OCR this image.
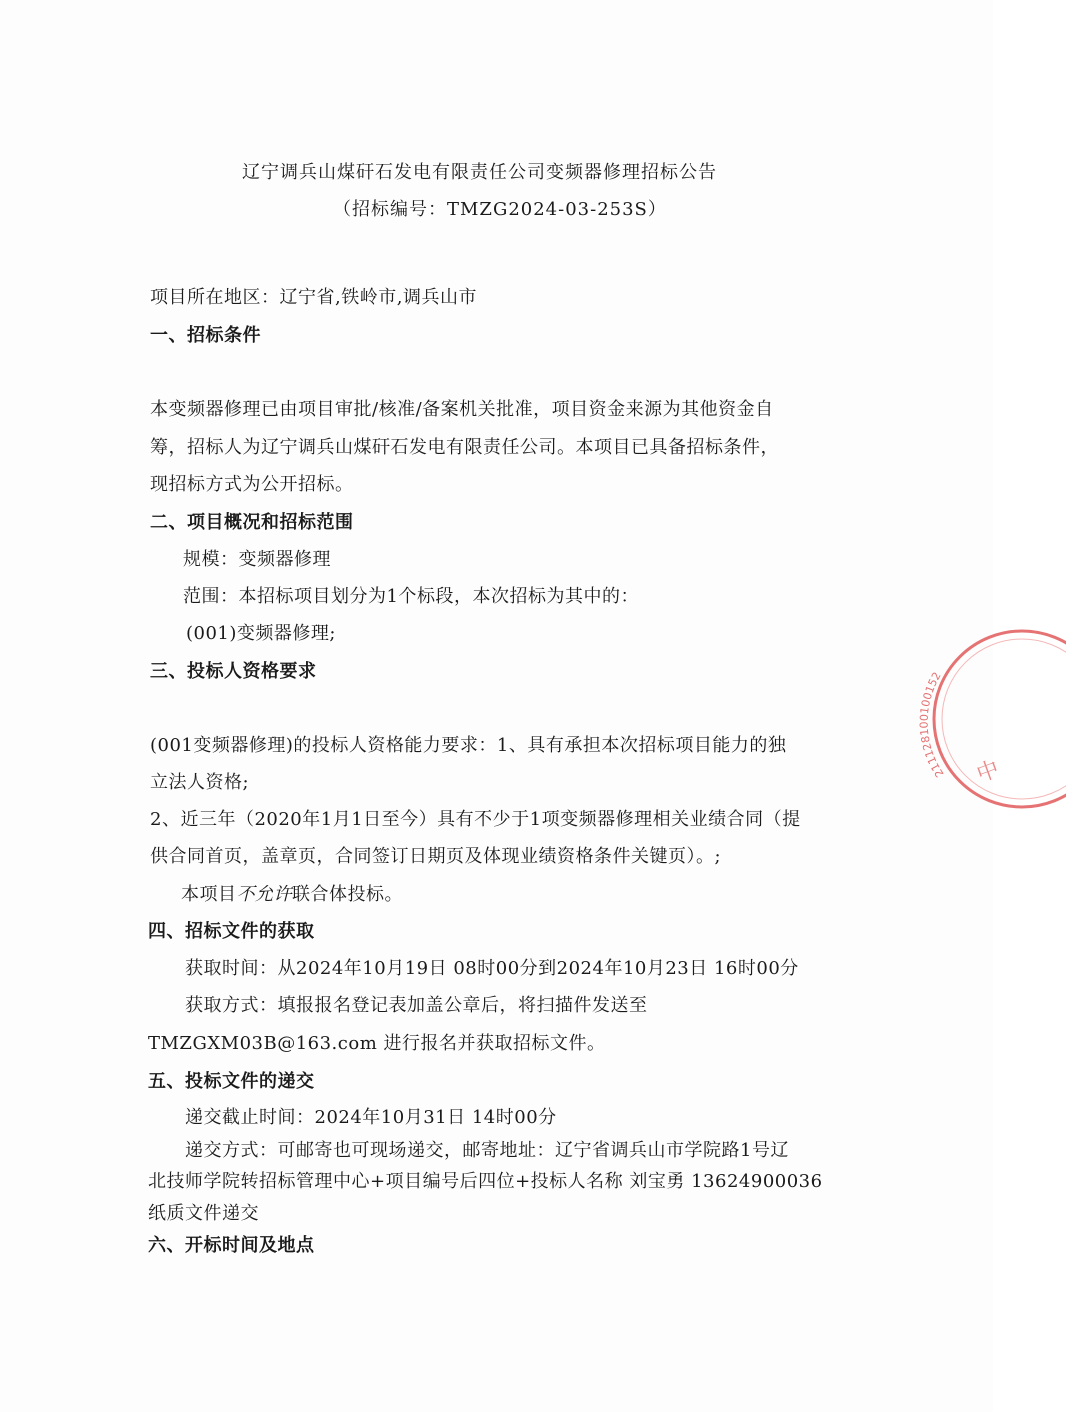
辽宁调兵山煤矸石发电有限责任公司变频器修理招标公告
（招标编号：TMZG2024-03-253S）
项目所在地区：辽宁省,铁岭市,调兵山市
一、招标条件
本变频器修理已由项目审批/核准/备案机关批准，项目资金来源为其他资金自
筹，招标人为辽宁调兵山煤矸石发电有限责任公司。本项目已具备招标条件，
现招标方式为公开招标。
二、项目概况和招标范围
规模：变频器修理
范围：本招标项目划分为1个标段，本次招标为其中的：
(001)变频器修理;
三、投标人资格要求
(001变频器修理)的投标人资格能力要求：1、具有承担本次招标项目能力的独
立法人资格;
2、近三年（2020年1月1日至今）具有不少于1项变频器修理相关业绩合同（提
供合同首页，盖章页，合同签订日期页及体现业绩资格条件关键页）。;
本项目不允许联合体投标。
四、招标文件的获取
获取时间：从2024年10月19日 08时00分到2024年10月23日 16时00分
获取方式：填报报名登记表加盖公章后，将扫描件发送至
TMZGXM03B@163.com 进行报名并获取招标文件。
五、投标文件的递交
递交截止时间：2024年10月31日 14时00分
递交方式：可邮寄也可现场递交，邮寄地址：辽宁省调兵山市学院路1号辽
北技师学院转招标管理中心+项目编号后四位+投标人名称 刘宝勇 13624900036
纸质文件递交
六、开标时间及地点
211128100100152
中
